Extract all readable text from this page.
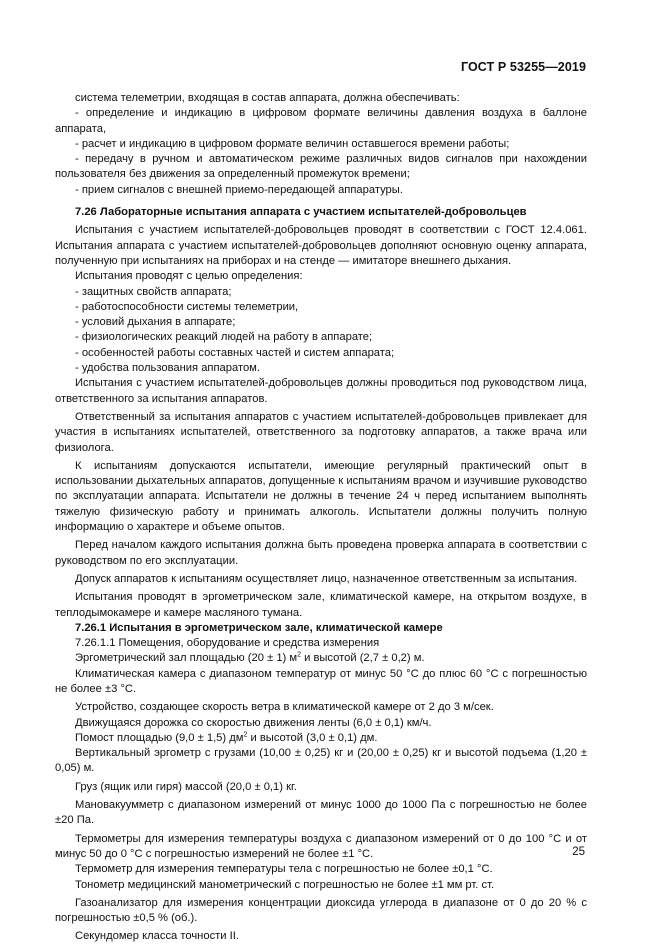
ГОСТ Р 53255—2019

система телеметрии, входящая в состав аппарата, должна обеспечивать:

- определение и индикацию в цифровом формате величины давления воздуха в баллоне аппарата,

- расчет и индикацию в цифровом формате величин оставшегося времени работы;

- передачу в ручном и автоматическом режиме различных видов сигналов при нахождении пользователя без движения за определенный промежуток времени;

- прием сигналов с внешней приемо-передающей аппаратуры.

7.26 Лабораторные испытания аппарата с участием испытателей-добровольцев

Испытания с участием испытателей-добровольцев проводят в соответствии с ГОСТ 12.4.061. Испытания аппарата с участием испытателей-добровольцев дополняют основную оценку аппарата, полученную при испытаниях на приборах и на стенде — имитаторе внешнего дыхания.

Испытания проводят с целью определения:

- защитных свойств аппарата;

- работоспособности системы телеметрии,

- условий дыхания в аппарате;

- физиологических реакций людей на работу в аппарате;

- особенностей работы составных частей и систем аппарата;

- удобства пользования аппаратом.

Испытания с участием испытателей-добровольцев должны проводиться под руководством лица, ответственного за испытания аппаратов.

Ответственный за испытания аппаратов с участием испытателей-добровольцев привлекает для участия в испытаниях испытателей, ответственного за подготовку аппаратов, а также врача или физиолога.

К испытаниям допускаются испытатели, имеющие регулярный практический опыт в использовании дыхательных аппаратов, допущенные к испытаниям врачом и изучившие руководство по эксплуатации аппарата. Испытатели не должны в течение 24 ч перед испытанием выполнять тяжелую физическую работу и принимать алкоголь. Испытатели должны получить полную информацию о характере и объеме опытов.

Перед началом каждого испытания должна быть проведена проверка аппарата в соответствии с руководством по его эксплуатации.

Допуск аппаратов к испытаниям осуществляет лицо, назначенное ответственным за испытания.

Испытания проводят в эргометрическом зале, климатической камере, на открытом воздухе, в теплодымокамере и камере масляного тумана.

7.26.1 Испытания в эргометрическом зале, климатической камере

7.26.1.1 Помещения, оборудование и средства измерения

Эргометрический зал площадью (20 ± 1) $м^2$ и высотой (2,7 ± 0,2) м.

Климатическая камера с диапазоном температур от минус 50 °С до плюс 60 °С с погрешностью не более ±3 °С.

Устройство, создающее скорость ветра в климатической камере от 2 до 3 м/сек.

Движущаяся дорожка со скоростью движения ленты (6,0 ± 0,1) км/ч.

Помост площадью (9,0 ± 1,5) $дм^2$ и высотой (3,0 ± 0,1) дм.

Вертикальный эргометр с грузами (10,00 ± 0,25) кг и (20,00 ± 0,25) кг и высотой подъема (1,20 ± 0,05) м.

Груз (ящик или гиря) массой (20,0 ± 0,1) кг.

Мановакуумметр с диапазоном измерений от минус 1000 до 1000 Па с погрешностью не более ±20 Па.

Термометры для измерения температуры воздуха с диапазоном измерений от 0 до 100 °С и от минус 50 до 0 °С с погрешностью измерений не более ±1 °С.

Термометр для измерения температуры тела с погрешностью не более ±0,1 °С.

Тонометр медицинский манометрический с погрешностью не более ±1 мм рт. ст.

Газоанализатор для измерения концентрации диоксида углерода в диапазоне от 0 до 20 % с погрешностью ±0,5 % (об.).

Секундомер класса точности II.

25
